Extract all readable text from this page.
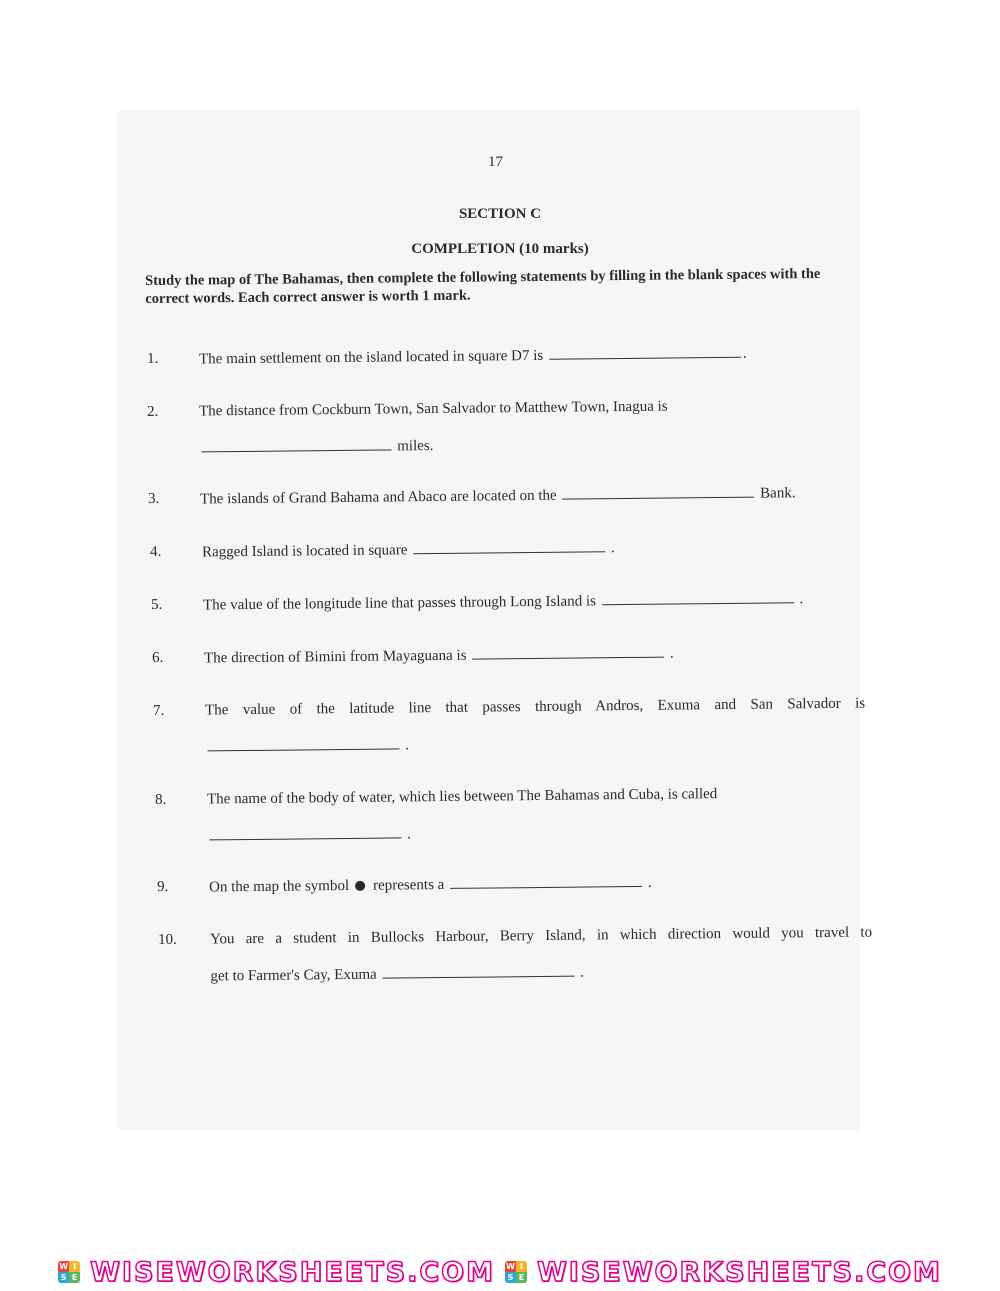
17
SECTION C
COMPLETION (10 marks)
Study the map of The Bahamas, then complete the following statements by filling in the blank spaces with the correct words. Each correct answer is worth 1 mark.
1.	The main settlement on the island located in square D7 is	.
2.	The distance from Cockburn Town, San Salvador to Matthew Town, Inagua is
miles.
3.	The islands of Grand Bahama and Abaco are located on the	Bank.
4.	Ragged Island is located in square	.
5.	The value of the longitude line that passes through Long Island is	.
6.	The direction of Bimini from Mayaguana is	.
7.	The value of the latitude line that passes through Andros, Exuma and San Salvador is
.
8.	The name of the body of water, which lies between The Bahamas and Cuba, is called
.
9.	On the map the symbol represents a	.
10.	You are a student in Bullocks Harbour, Berry Island, in which direction would you travel to
get to Farmer's Cay, Exuma	.
W I
S E WISEWORKSHEETS.COM W I
S E WISEWORKSHEETS.COM
